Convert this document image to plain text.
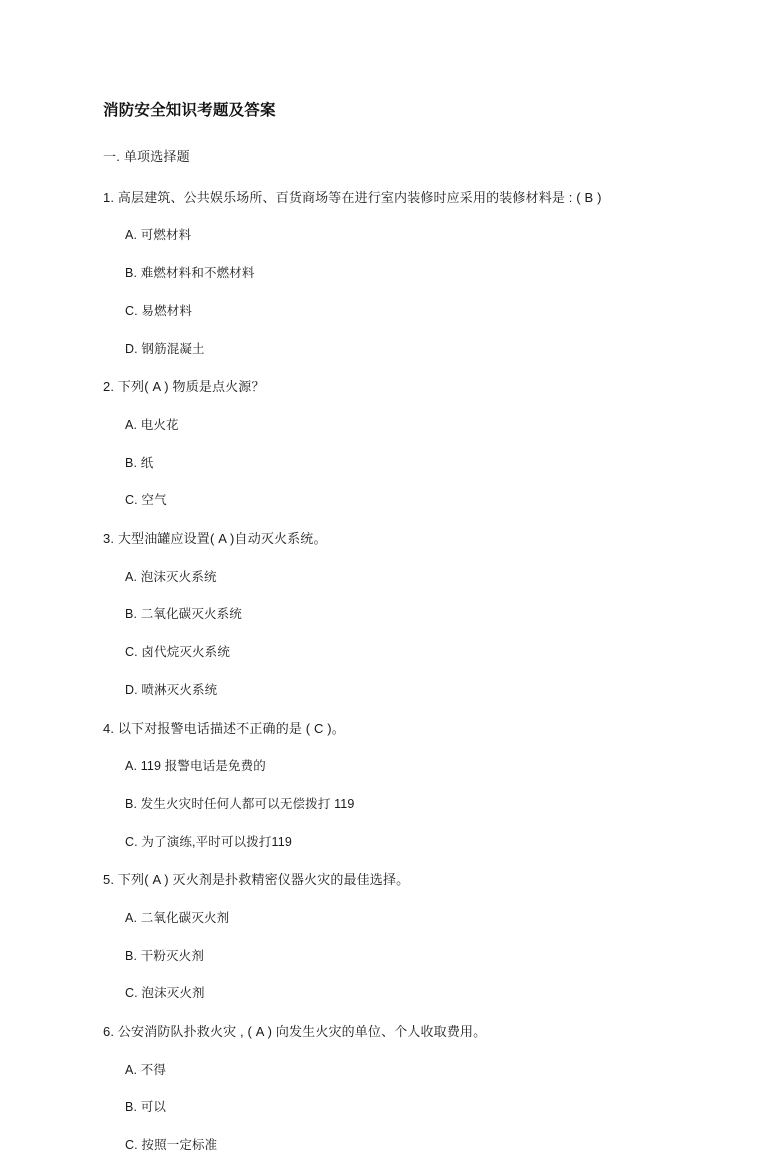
消防安全知识考题及答案
一. 单项选择题

1. 高层建筑、公共娱乐场所、百货商场等在进行室内装修时应采用的装修材料是 : ( B )

A. 可燃材料
B. 难燃材料和不燃材料
C. 易燃材料
D. 钢筋混凝土

2. 下列( A ) 物质是点火源？

A. 电火花
B. 纸
C. 空气

3. 大型油罐应设置( A )自动灭火系统。

A. 泡沫灭火系统
B. 二氧化碳灭火系统
C. 卤代烷灭火系统
D. 喷淋灭火系统

4. 以下对报警电话描述不正确的是 ( C )。

A. 119 报警电话是免费的
B. 发生火灾时任何人都可以无偿拨打 119
C. 为了演练,平时可以拨打119

5. 下列( A ) 灭火剂是扑救精密仪器火灾的最佳选择。

A. 二氧化碳灭火剂
B. 干粉灭火剂
C. 泡沫灭火剂

6. 公安消防队扑救火灾 , ( A ) 向发生火灾的单位、个人收取费用。

A. 不得
B. 可以
C. 按照一定标准
